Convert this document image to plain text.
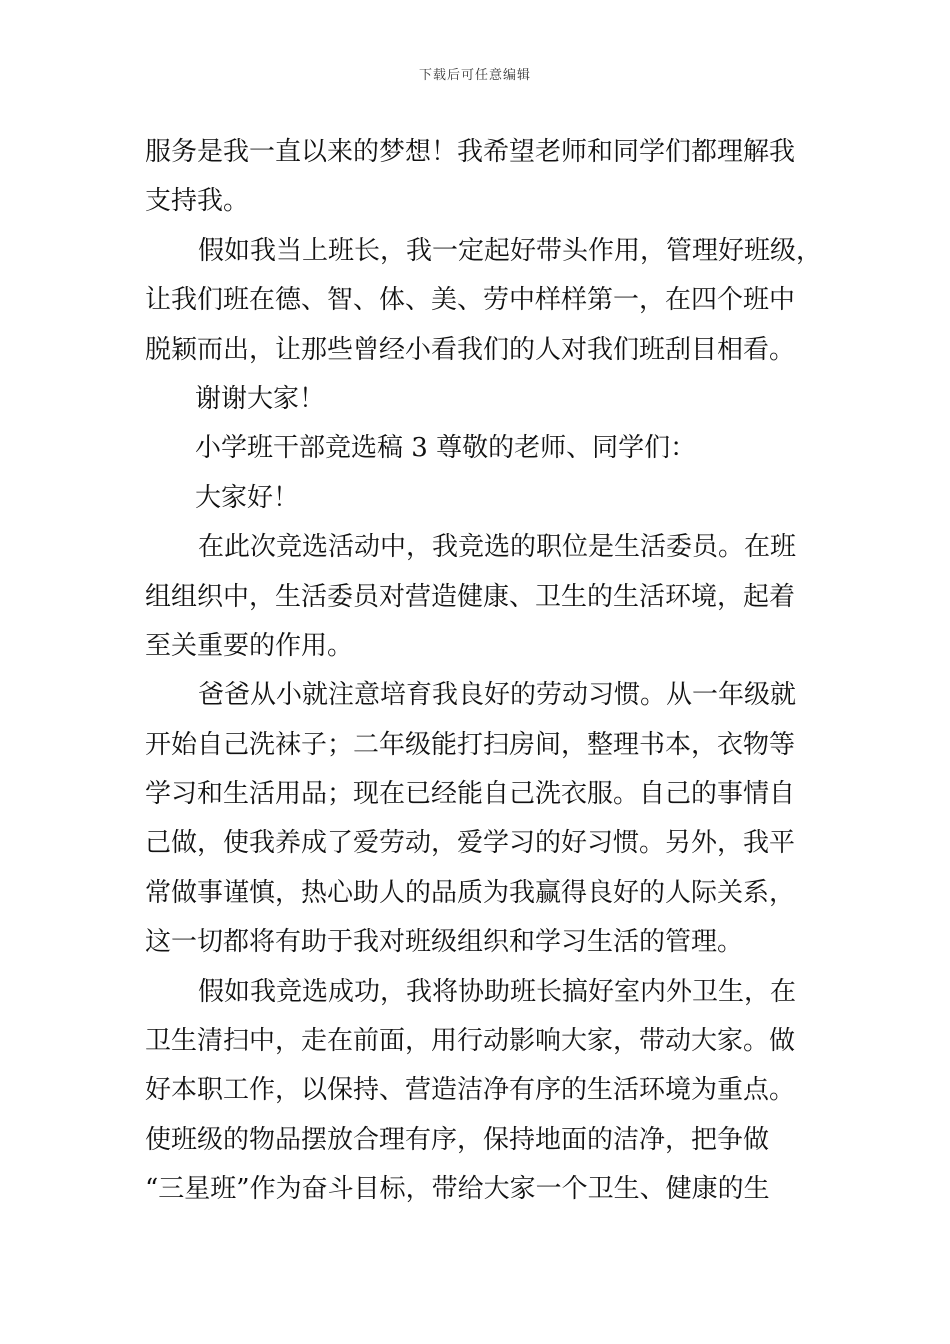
下载后可任意编辑
服务是我一直以来的梦想！我希望老师和同学们都理解我
支持我。
假如我当上班长，我一定起好带头作用，管理好班级，
让我们班在德、智、体、美、劳中样样第一，在四个班中
脱颖而出，让那些曾经小看我们的人对我们班刮目相看。
谢谢大家！
小学班干部竞选稿 3 尊敬的老师、同学们：
大家好！
在此次竞选活动中，我竞选的职位是生活委员。在班
组组织中，生活委员对营造健康、卫生的生活环境，起着
至关重要的作用。
爸爸从小就注意培育我良好的劳动习惯。从一年级就
开始自己洗袜子；二年级能打扫房间，整理书本，衣物等
学习和生活用品；现在已经能自己洗衣服。自己的事情自
己做，使我养成了爱劳动，爱学习的好习惯。另外，我平
常做事谨慎，热心助人的品质为我赢得良好的人际关系，
这一切都将有助于我对班级组织和学习生活的管理。
假如我竞选成功，我将协助班长搞好室内外卫生，在
卫生清扫中，走在前面，用行动影响大家，带动大家。做
好本职工作，以保持、营造洁净有序的生活环境为重点。
使班级的物品摆放合理有序，保持地面的洁净，把争做
“三星班”作为奋斗目标，带给大家一个卫生、健康的生
